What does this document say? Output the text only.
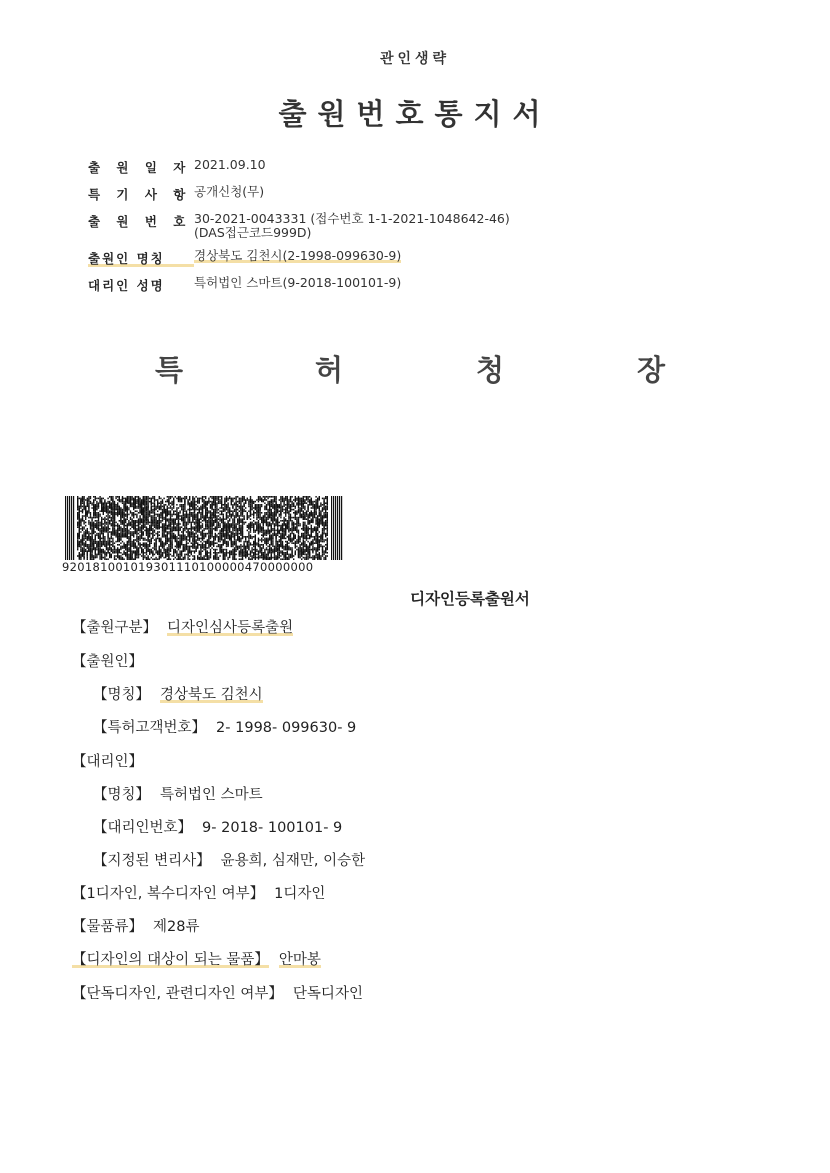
관인생략
출원번호통지서
출 원 일 자 2021.09.10
특 기 사 항 공개신청(무)
출 원 번 호 30-2021-0043331 (접수번호 1-1-2021-1048642-46)
(DAS접근코드999D)
출원인 명칭	경상북도 김천시(2-1998-099630-9)
대리인 성명	특허법인 스마트(9-2018-100101-9)
특	허	청	장
920181001019301110100000470000000
디자인등록출원서
【출원구분】 디자인심사등록출원
【출원인】
【명칭】 경상북도 김천시
【특허고객번호】 2- 1998- 099630- 9
【대리인】
【명칭】 특허법인 스마트
【대리인번호】 9- 2018- 100101- 9
【지정된 변리사】 윤용희, 심재만, 이승한
【1디자인, 복수디자인 여부】 1디자인
【물품류】 제28류
【디자인의 대상이 되는 물품】 안마봉
【단독디자인, 관련디자인 여부】 단독디자인
